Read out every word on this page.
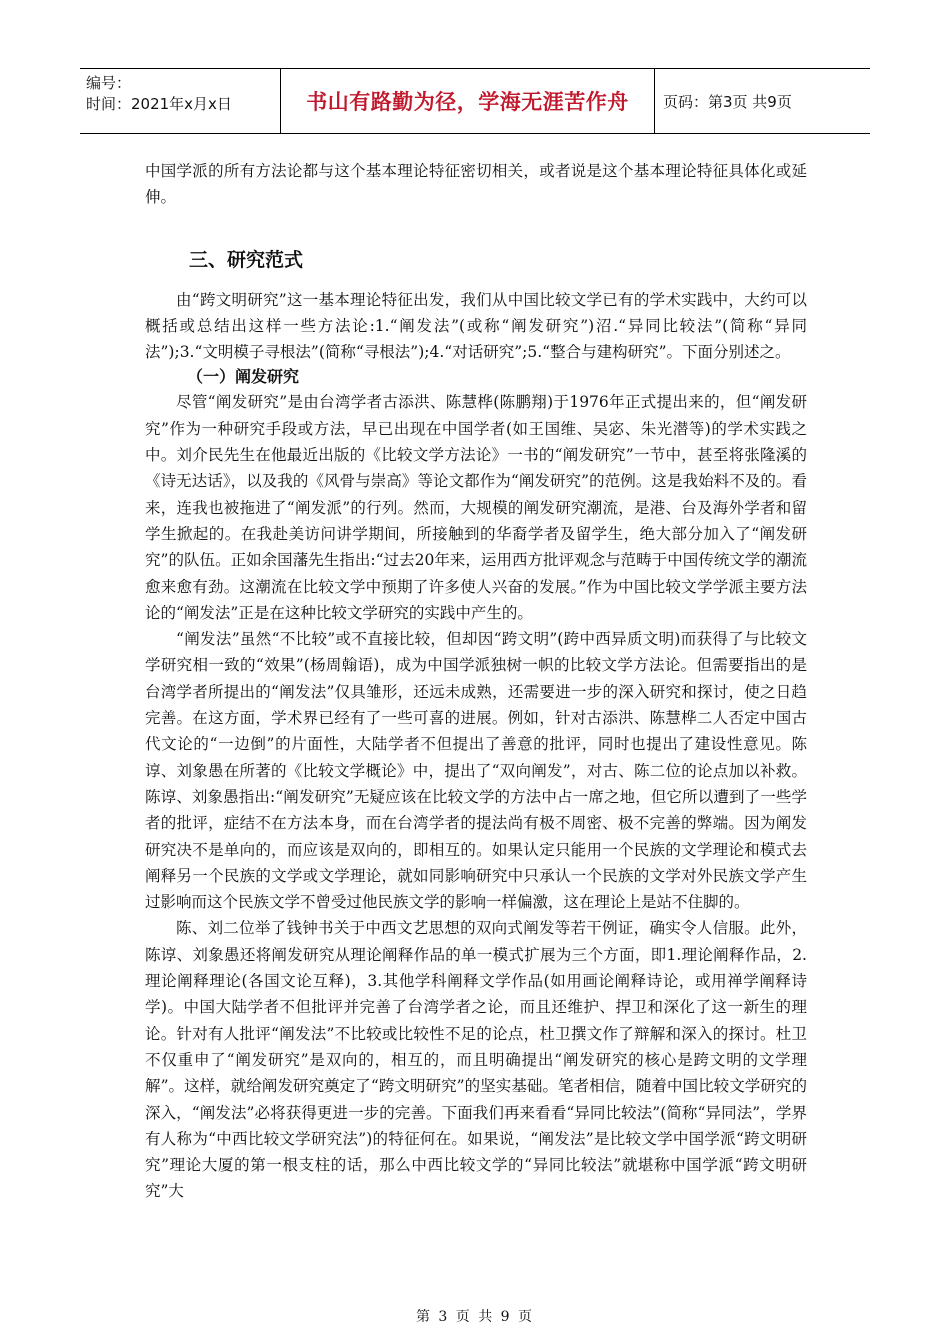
编号：
时间：2021年x月x日	书山有路勤为径，学海无涯苦作舟	页码：第3页 共9页

中国学派的所有方法论都与这个基本理论特征密切相关，或者说是这个基本理论特征具体化或延伸。

三、研究范式

由“跨文明研究”这一基本理论特征出发，我们从中国比较文学已有的学术实践中，大约可以概括或总结出这样一些方法论:1.“阐发法”(或称“阐发研究”)沼.“异同比较法”(简称“异同法”);3.“文明模子寻根法”(简称“寻根法”);4.“对话研究”;5.“整合与建构研究”。下面分别述之。

（一）阐发研究

尽管“阐发研究”是由台湾学者古添洪、陈慧桦(陈鹏翔)于1976年正式提出来的，但“阐发研究”作为一种研究手段或方法，早已出现在中国学者(如王国维、吴宓、朱光潜等)的学术实践之中。刘介民先生在他最近出版的《比较文学方法论》一书的“阐发研究”一节中，甚至将张隆溪的《诗无达话》，以及我的《风骨与崇高》等论文都作为“阐发研究”的范例。这是我始料不及的。看来，连我也被拖进了“阐发派”的行列。然而，大规模的阐发研究潮流，是港、台及海外学者和留学生掀起的。在我赴美访问讲学期间，所接触到的华裔学者及留学生，绝大部分加入了“阐发研究”的队伍。正如余国藩先生指出:“过去20年来，运用西方批评观念与范畴于中国传统文学的潮流愈来愈有劲。这潮流在比较文学中预期了许多使人兴奋的发展。”作为中国比较文学学派主要方法论的“阐发法”正是在这种比较文学研究的实践中产生的。

“阐发法”虽然“不比较”或不直接比较，但却因“跨文明”(跨中西异质文明)而获得了与比较文学研究相一致的“效果”(杨周翰语)，成为中国学派独树一帜的比较文学方法论。但需要指出的是台湾学者所提出的“阐发法”仅具雏形，还远未成熟，还需要进一步的深入研究和探讨，使之日趋完善。在这方面，学术界已经有了一些可喜的进展。例如，针对古添洪、陈慧桦二人否定中国古代文论的“一边倒”的片面性，大陆学者不但提出了善意的批评，同时也提出了建设性意见。陈谆、刘象愚在所著的《比较文学概论》中，提出了“双向阐发”，对古、陈二位的论点加以补救。陈谆、刘象愚指出:“阐发研究”无疑应该在比较文学的方法中占一席之地，但它所以遭到了一些学者的批评，症结不在方法本身，而在台湾学者的提法尚有极不周密、极不完善的弊端。因为阐发研究决不是单向的，而应该是双向的，即相互的。如果认定只能用一个民族的文学理论和模式去阐释另一个民族的文学或文学理论，就如同影响研究中只承认一个民族的文学对外民族文学产生过影响而这个民族文学不曾受过他民族文学的影响一样偏激，这在理论上是站不住脚的。

陈、刘二位举了钱钟书关于中西文艺思想的双向式阐发等若干例证，确实令人信服。此外，陈谆、刘象愚还将阐发研究从理论阐释作品的单一模式扩展为三个方面，即1.理论阐释作品，2.理论阐释理论(各国文论互释)，3.其他学科阐释文学作品(如用画论阐释诗论，或用禅学阐释诗学)。中国大陆学者不但批评并完善了台湾学者之论，而且还维护、捍卫和深化了这一新生的理论。针对有人批评“阐发法”不比较或比较性不足的论点，杜卫撰文作了辩解和深入的探讨。杜卫不仅重申了“阐发研究”是双向的，相互的，而且明确提出“阐发研究的核心是跨文明的文学理解”。这样，就给阐发研究奠定了“跨文明研究”的坚实基础。笔者相信，随着中国比较文学研究的深入，“阐发法”必将获得更进一步的完善。下面我们再来看看“异同比较法”(简称“异同法”，学界有人称为“中西比较文学研究法”)的特征何在。如果说，“阐发法”是比较文学中国学派“跨文明研究”理论大厦的第一根支柱的话，那么中西比较文学的“异同比较法”就堪称中国学派“跨文明研究”大

第 3 页 共 9 页
